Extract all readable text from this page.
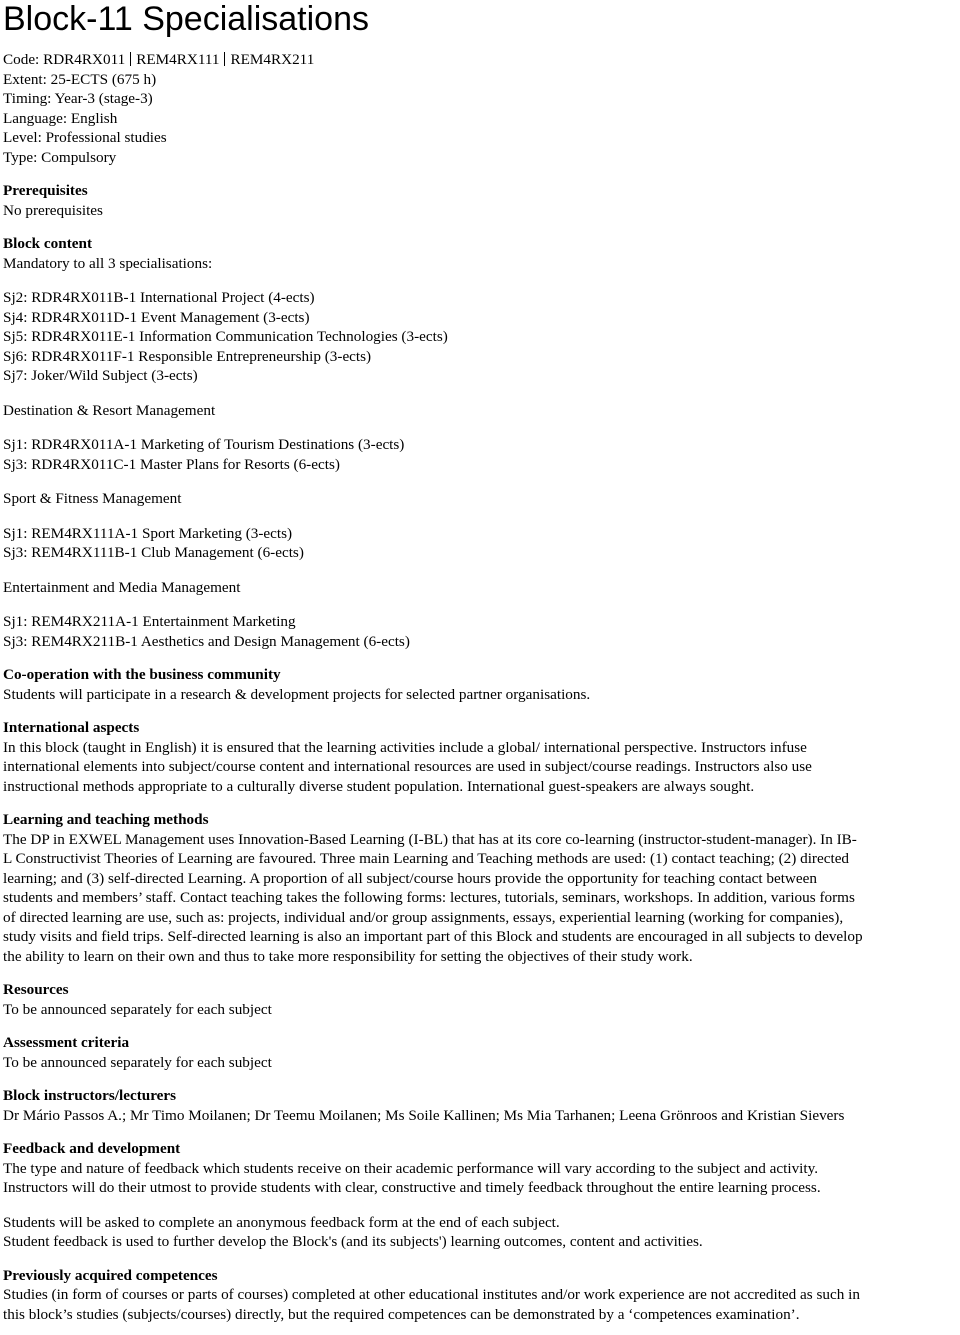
Block-11 Specialisations
Code: RDR4RX011 REM4RX111 REM4RX211
Extent: 25-ECTS (675 h)
Timing: Year-3 (stage-3)
Language: English
Level: Professional studies
Type: Compulsory
Prerequisites
No prerequisites
Block content
Mandatory to all 3 specialisations:
Sj2: RDR4RX011B-1 International Project (4-ects)
Sj4: RDR4RX011D-1 Event Management (3-ects)
Sj5: RDR4RX011E-1 Information Communication Technologies (3-ects)
Sj6: RDR4RX011F-1 Responsible Entrepreneurship (3-ects)
Sj7: Joker/Wild Subject (3-ects)
Destination & Resort Management
Sj1: RDR4RX011A-1 Marketing of Tourism Destinations (3-ects)
Sj3: RDR4RX011C-1 Master Plans for Resorts (6-ects)
Sport & Fitness Management
Sj1: REM4RX111A-1 Sport Marketing (3-ects)
Sj3: REM4RX111B-1 Club Management (6-ects)
Entertainment and Media Management
Sj1: REM4RX211A-1 Entertainment Marketing
Sj3: REM4RX211B-1 Aesthetics and Design Management (6-ects)
Co-operation with the business community
Students will participate in a research & development projects for selected partner organisations.
International aspects
In this block (taught in English) it is ensured that the learning activities include a global/ international perspective. Instructors infuse
international elements into subject/course content and international resources are used in subject/course readings. Instructors also use
instructional methods appropriate to a culturally diverse student population. International guest-speakers are always sought.
Learning and teaching methods
The DP in EXWEL Management uses Innovation-Based Learning (I-BL) that has at its core co-learning (instructor-student-manager). In IB-
L Constructivist Theories of Learning are favoured. Three main Learning and Teaching methods are used: (1) contact teaching; (2) directed
learning; and (3) self-directed Learning. A proportion of all subject/course hours provide the opportunity for teaching contact between
students and members’ staff. Contact teaching takes the following forms: lectures, tutorials, seminars, workshops. In addition, various forms
of directed learning are use, such as: projects, individual and/or group assignments, essays, experiential learning (working for companies),
study visits and field trips. Self-directed learning is also an important part of this Block and students are encouraged in all subjects to develop
the ability to learn on their own and thus to take more responsibility for setting the objectives of their study work.
Resources
To be announced separately for each subject
Assessment criteria
To be announced separately for each subject
Block instructors/lecturers
Dr Mário Passos A.; Mr Timo Moilanen; Dr Teemu Moilanen; Ms Soile Kallinen; Ms Mia Tarhanen; Leena Grönroos and Kristian Sievers
Feedback and development
The type and nature of feedback which students receive on their academic performance will vary according to the subject and activity.
Instructors will do their utmost to provide students with clear, constructive and timely feedback throughout the entire learning process.
Students will be asked to complete an anonymous feedback form at the end of each subject.
Student feedback is used to further develop the Block's (and its subjects') learning outcomes, content and activities.
Previously acquired competences
Studies (in form of courses or parts of courses) completed at other educational institutes and/or work experience are not accredited as such in
this block’s studies (subjects/courses) directly, but the required competences can be demonstrated by a ‘competences examination’.
